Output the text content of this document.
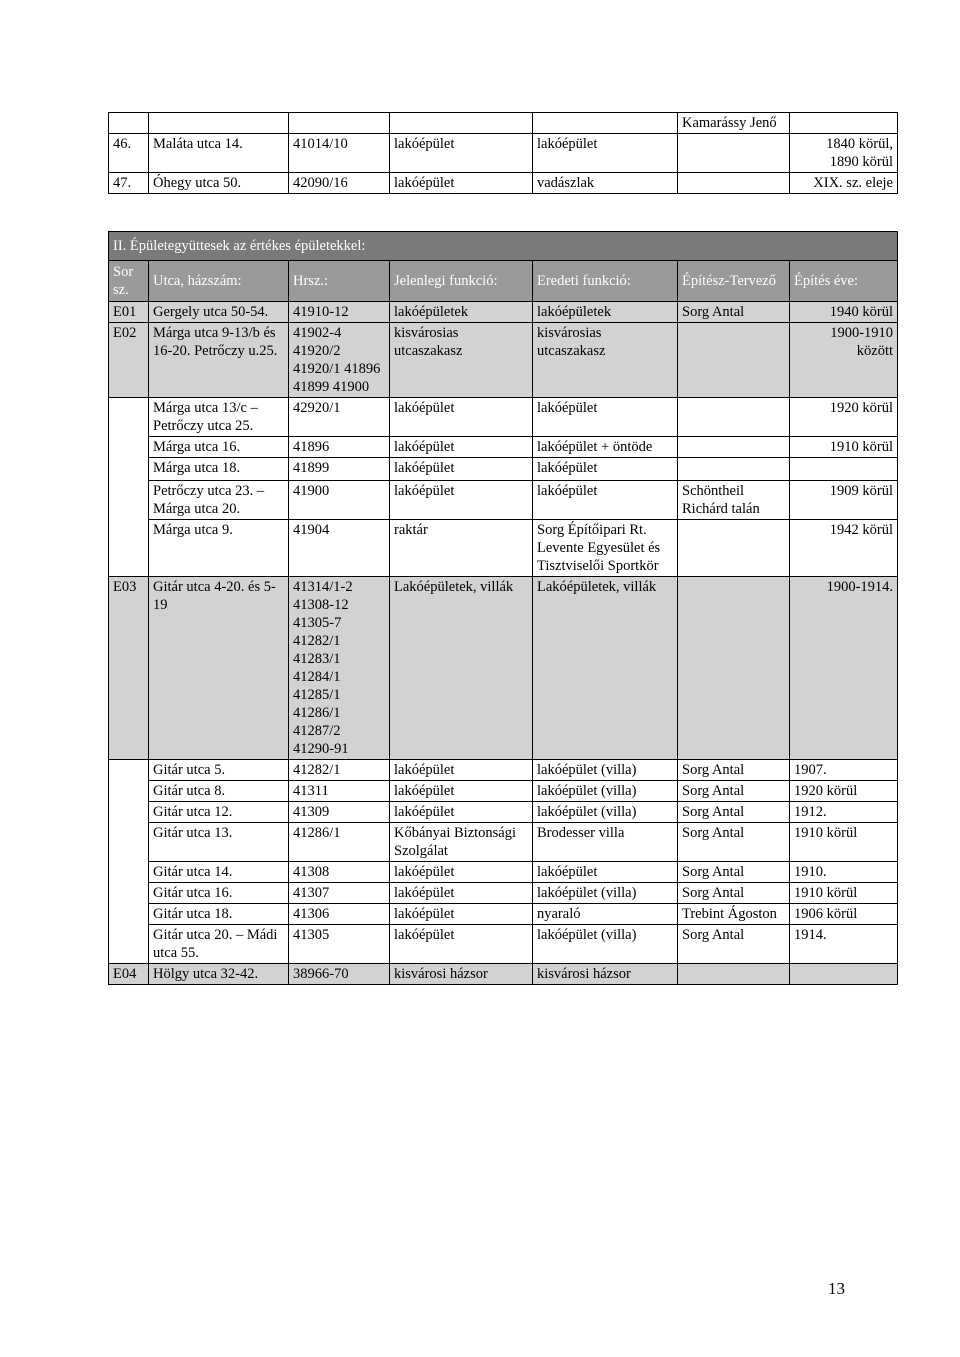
					Kamarássy Jenő	
46.	Maláta utca 14.	41014/10	lakóépület	lakóépület		1840 körül, 1890 körül
47.	Óhegy utca 50.	42090/16	lakóépület	vadászlak		XIX. sz. eleje
II. Épületegyüttesek az értékes épületekkel:						
Sor sz.	Utca, házszám:	Hrsz.:	Jelenlegi funkció:	Eredeti funkció:	Építész-Tervező	Építés éve:
E01	Gergely utca 50-54.	41910-12	lakóépületek	lakóépületek	Sorg Antal	1940 körül
E02	Márga utca 9-13/b és 16-20. Petrőczy u.25.	41902-4 41920/2 41920/1 41896 41899 41900	kisvárosias utcaszakasz	kisvárosias utcaszakasz		1900-1910 között
	Márga utca 13/c – Petrőczy utca 25.	42920/1	lakóépület	lakóépület		1920 körül
	Márga utca 16.	41896	lakóépület	lakóépület + öntöde		1910 körül
	Márga utca 18.	41899	lakóépület	lakóépület		
	Petrőczy utca 23. – Márga utca 20.	41900	lakóépület	lakóépület	Schöntheil Richárd talán	1909 körül
	Márga utca 9.	41904	raktár	Sorg Építőipari Rt. Levente Egyesület és Tisztviselői Sportkör		1942 körül
E03	Gitár utca 4-20. és 5-19	41314/1-2 41308-12 41305-7 41282/1 41283/1 41284/1 41285/1 41286/1 41287/2 41290-91	Lakóépületek, villák	Lakóépületek, villák		1900-1914.
	Gitár utca 5.	41282/1	lakóépület	lakóépület (villa)	Sorg Antal	1907.
	Gitár utca 8.	41311	lakóépület	lakóépület (villa)	Sorg Antal	1920 körül
	Gitár utca 12.	41309	lakóépület	lakóépület (villa)	Sorg Antal	1912.
	Gitár utca 13.	41286/1	Kőbányai Biztonsági Szolgálat	Brodesser villa	Sorg Antal	1910 körül
	Gitár utca 14.	41308	lakóépület	lakóépület	Sorg Antal	1910.
	Gitár utca 16.	41307	lakóépület	lakóépület (villa)	Sorg Antal	1910 körül
	Gitár utca 18.	41306	lakóépület	nyaraló	Trebint Ágoston	1906 körül
	Gitár utca 20. – Mádi utca 55.	41305	lakóépület	lakóépület (villa)	Sorg Antal	1914.
E04	Hölgy utca 32-42.	38966-70	kisvárosi házsor	kisvárosi házsor		
13
